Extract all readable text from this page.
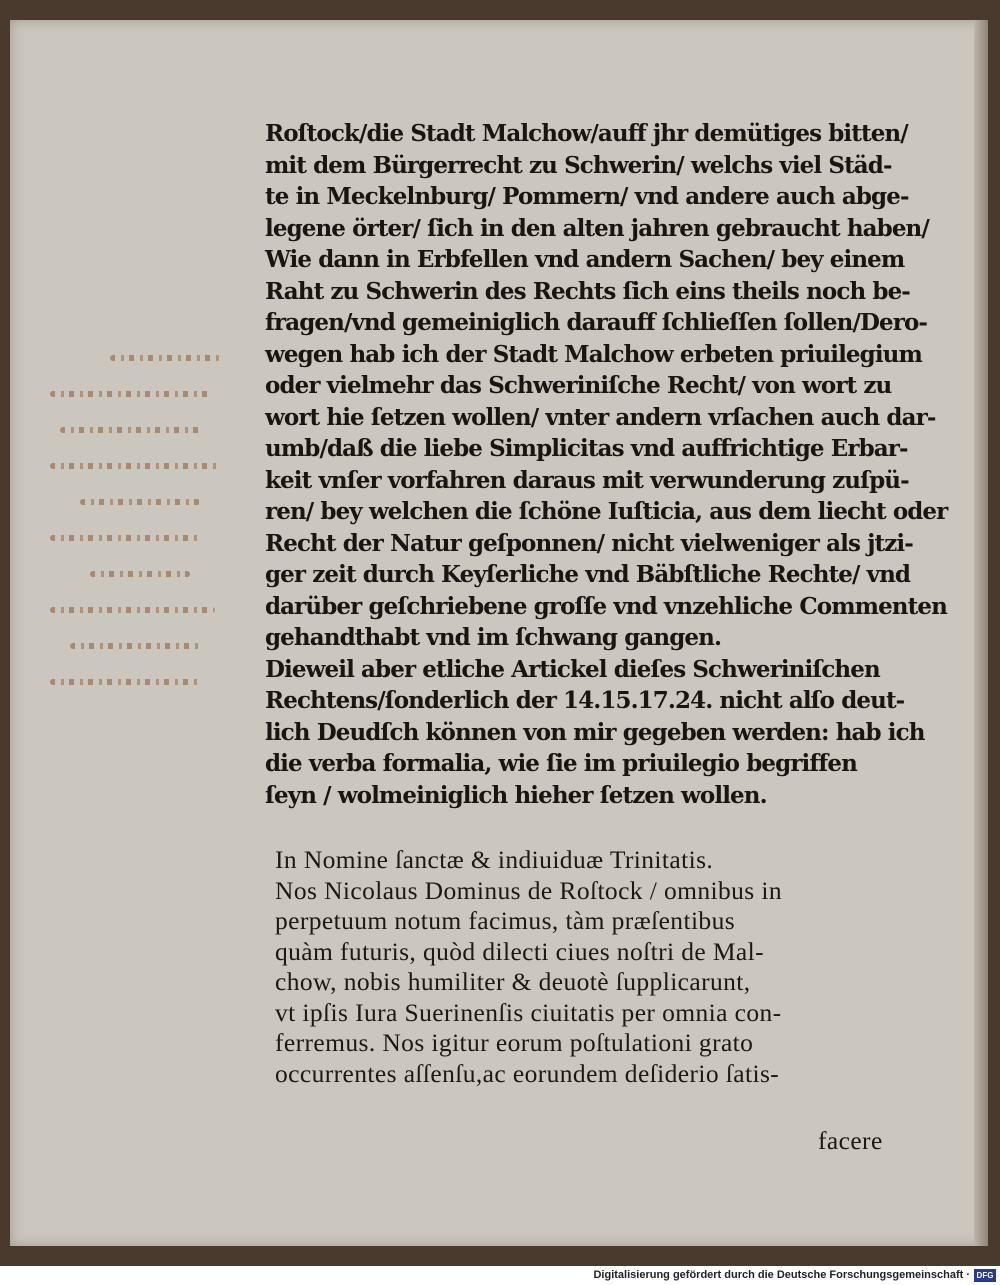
Roſtock/die Stadt Malchow/auff jhr demütiges bitten/
mit dem Bürgerrecht zu Schwerin/ welchs viel Städ-
te in Meckelnburg/ Pommern/ vnd andere auch abge-
legene örter/ ſich in den alten jahren gebraucht haben/
Wie dann in Erbfellen vnd andern Sachen/ bey einem
Raht zu Schwerin des Rechts ſich eins theils noch be-
fragen/vnd gemeiniglich darauff ſchlieſſen ſollen/Dero-
wegen hab ich der Stadt Malchow erbeten priuilegium
oder vielmehr das Schweriniſche Recht/ von wort zu
wort hie ſetzen wollen/ vnter andern vrſachen auch dar-
umb/daß die liebe Simplicitas vnd auffrichtige Erbar-
keit vnſer vorfahren daraus mit verwunderung zuſpü-
ren/ bey welchen die ſchöne Iuſticia, aus dem liecht oder
Recht der Natur geſponnen/ nicht vielweniger als jtzi-
ger zeit durch Keyſerliche vnd Bäbſtliche Rechte/ vnd
darüber geſchriebene groſſe vnd vnzehliche Commenten
gehandthabt vnd im ſchwang gangen.
Dieweil aber etliche Artickel dieſes Schweriniſchen
Rechtens/ſonderlich der 14.15.17.24. nicht alſo deut-
lich Deudſch können von mir gegeben werden: hab ich
die verba formalia, wie ſie im priuilegio begriffen
ſeyn / wolmeiniglich hieher ſetzen wollen.
In Nomine ſanctæ & indiuiduæ Trinitatis.
Nos Nicolaus Dominus de Roſtock / omnibus in
perpetuum notum facimus, tàm præſentibus
quàm futuris, quòd dilecti ciues noſtri de Mal-
chow, nobis humiliter & deuotè ſupplicarunt,
vt ipſis Iura Suerinenſis ciuitatis per omnia con-
ferremus. Nos igitur eorum poſtulationi grato
occurrentes aſſenſu,ac eorundem deſiderio ſatis-
facere
Digitalisierung gefördert durch die Deutsche Forschungsgemeinschaft · DFG
